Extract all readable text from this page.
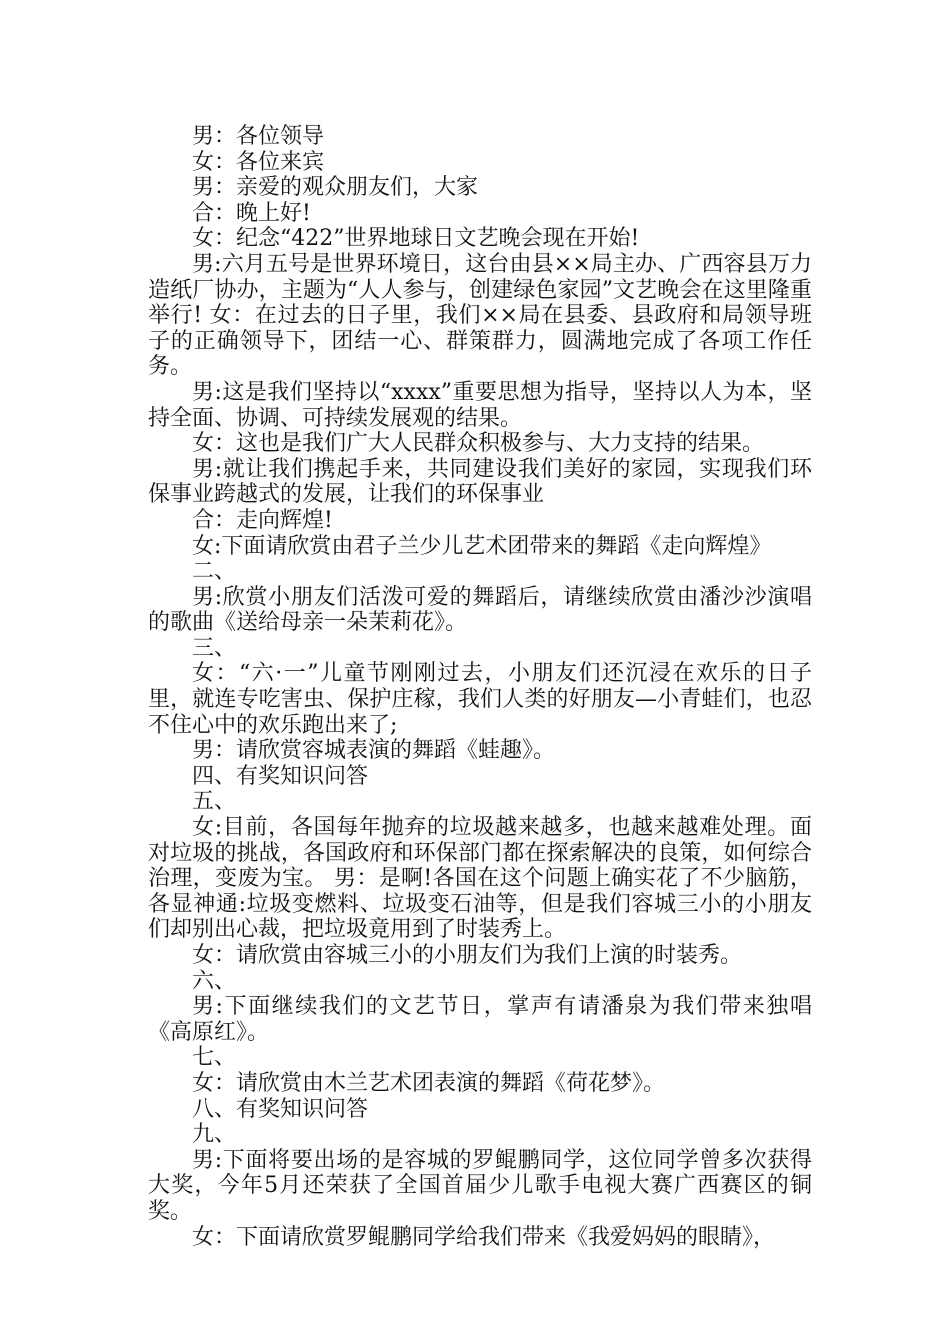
男：各位领导

女：各位来宾

男：亲爱的观众朋友们，大家

合：晚上好!

女：纪念“422”世界地球日文艺晚会现在开始!

男:六月五号是世界环境日，这台由县××局主办、广西容县万力造纸厂协办，主题为“人人参与，创建绿色家园”文艺晚会在这里隆重举行! 女：在过去的日子里，我们××局在县委、县政府和局领导班子的正确领导下，团结一心、群策群力，圆满地完成了各项工作任务。

男:这是我们坚持以“xxxx”重要思想为指导，坚持以人为本，坚持全面、协调、可持续发展观的结果。

女：这也是我们广大人民群众积极参与、大力支持的结果。

男:就让我们携起手来，共同建设我们美好的家园，实现我们环保事业跨越式的发展，让我们的环保事业

合：走向辉煌!

女:下面请欣赏由君子兰少儿艺术团带来的舞蹈《走向辉煌》

二、

男:欣赏小朋友们活泼可爱的舞蹈后，请继续欣赏由潘沙沙演唱的歌曲《送给母亲一朵茉莉花》。

三、

女：“六·一”儿童节刚刚过去，小朋友们还沉浸在欢乐的日子里，就连专吃害虫、保护庄稼，我们人类的好朋友—小青蛙们，也忍不住心中的欢乐跑出来了;

男：请欣赏容城表演的舞蹈《蛙趣》。

四、有奖知识问答

五、

女:目前，各国每年抛弃的垃圾越来越多，也越来越难处理。面对垃圾的挑战，各国政府和环保部门都在探索解决的良策，如何综合治理，变废为宝。 男：是啊!各国在这个问题上确实花了不少脑筋，各显神通:垃圾变燃料、垃圾变石油等，但是我们容城三小的小朋友们却别出心裁，把垃圾竟用到了时装秀上。

女：请欣赏由容城三小的小朋友们为我们上演的时装秀。

六、

男:下面继续我们的文艺节日，掌声有请潘泉为我们带来独唱《高原红》。

七、

女：请欣赏由木兰艺术团表演的舞蹈《荷花梦》。

八、有奖知识问答

九、

男:下面将要出场的是容城的罗鲲鹏同学，这位同学曾多次获得大奖，今年5月还荣获了全国首届少儿歌手电视大赛广西赛区的铜奖。

女：下面请欣赏罗鲲鹏同学给我们带来《我爱妈妈的眼睛》，
